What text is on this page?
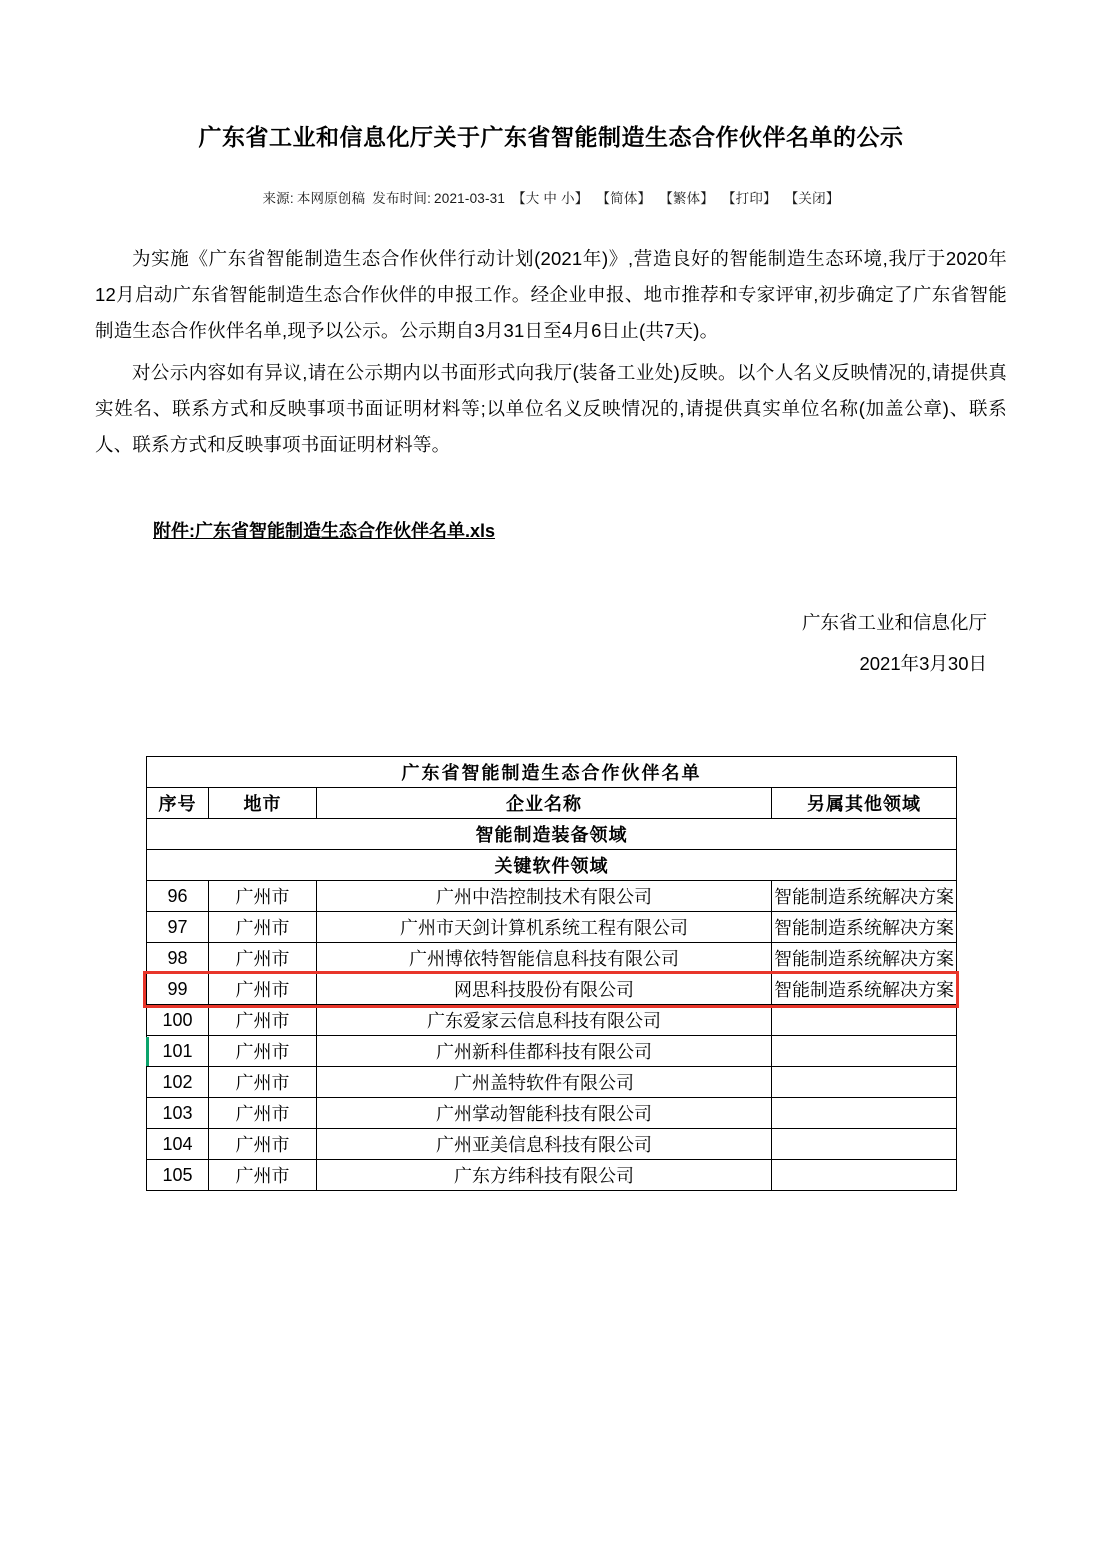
广东省工业和信息化厅关于广东省智能制造生态合作伙伴名单的公示
来源: 本网原创稿 发布时间: 2021-03-31 【大 中 小】 【简体】 【繁体】 【打印】 【关闭】

为实施《广东省智能制造生态合作伙伴行动计划(2021年)》,营造良好的智能制造生态环境,我厅于2020年12月启动广东省智能制造生态合作伙伴的申报工作。经企业申报、地市推荐和专家评审,初步确定了广东省智能制造生态合作伙伴名单,现予以公示。公示期自3月31日至4月6日止(共7天)。

对公示内容如有异议,请在公示期内以书面形式向我厅(装备工业处)反映。以个人名义反映情况的,请提供真实姓名、联系方式和反映事项书面证明材料等;以单位名义反映情况的,请提供真实单位名称(加盖公章)、联系人、联系方式和反映事项书面证明材料等。

附件:广东省智能制造生态合作伙伴名单.xls
广东省工业和信息化厅
2021年3月30日
广东省智能制造生态合作伙伴名单			
序号	地市	企业名称	另属其他领域
智能制造装备领域			
关键软件领域			
96	广州市	广州中浩控制技术有限公司	智能制造系统解决方案
97	广州市	广州市天剑计算机系统工程有限公司	智能制造系统解决方案
98	广州市	广州博依特智能信息科技有限公司	智能制造系统解决方案
99	广州市	网思科技股份有限公司	智能制造系统解决方案
100	广州市	广东爱家云信息科技有限公司	
101	广州市	广州新科佳都科技有限公司	
102	广州市	广州盖特软件有限公司	
103	广州市	广州掌动智能科技有限公司	
104	广州市	广州亚美信息科技有限公司	
105	广州市	广东方纬科技有限公司	
